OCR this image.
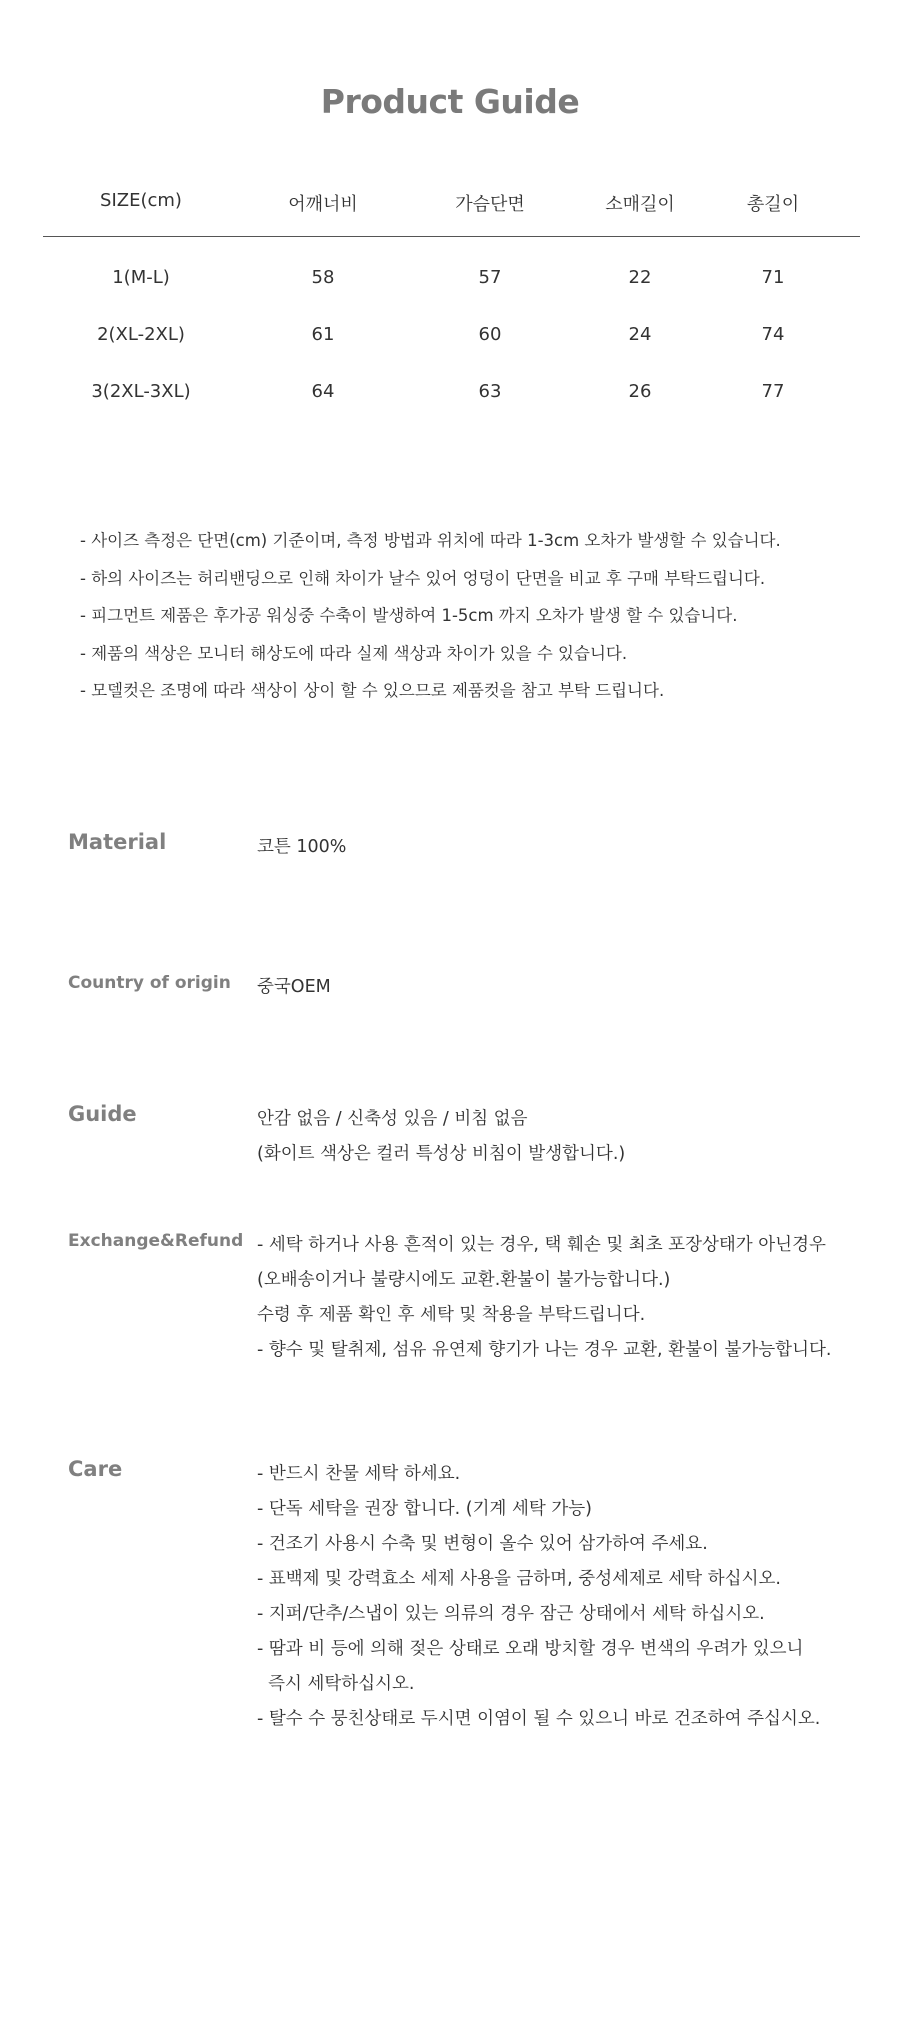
Product Guide
SIZE(cm)	어깨너비	가슴단면	소매길이	총길이
1(M-L)	58	57	22	71
2(XL-2XL)	61	60	24	74
3(2XL-3XL)	64	63	26	77
- 사이즈 측정은 단면(cm) 기준이며, 측정 방법과 위치에 따라 1-3cm 오차가 발생할 수 있습니다.
- 하의 사이즈는 허리밴딩으로 인해 차이가 날수 있어 엉덩이 단면을 비교 후 구매 부탁드립니다.
- 피그먼트 제품은 후가공 워싱중 수축이 발생하여 1-5cm 까지 오차가 발생 할 수 있습니다.
- 제품의 색상은 모니터 해상도에 따라 실제 색상과 차이가 있을 수 있습니다.
- 모델컷은 조명에 따라 색상이 상이 할 수 있으므로 제품컷을 참고 부탁 드립니다.
Material	코튼 100%
Country of origin 중국OEM
Guide	안감 없음 / 신축성 있음 / 비침 없음
(화이트 색상은 컬러 특성상 비침이 발생합니다.)
Exchange&Refund - 세탁 하거나 사용 흔적이 있는 경우, 택 훼손 및 최초 포장상태가 아닌경우
(오배송이거나 불량시에도 교환.환불이 불가능합니다.)
수령 후 제품 확인 후 세탁 및 착용을 부탁드립니다.
- 향수 및 탈취제, 섬유 유연제 향기가 나는 경우 교환, 환불이 불가능합니다.
Care	- 반드시 찬물 세탁 하세요.
- 단독 세탁을 권장 합니다. (기계 세탁 가능)
- 건조기 사용시 수축 및 변형이 올수 있어 삼가하여 주세요.
- 표백제 및 강력효소 세제 사용을 금하며, 중성세제로 세탁 하십시오.
- 지퍼/단추/스냅이 있는 의류의 경우 잠근 상태에서 세탁 하십시오.
- 땀과 비 등에 의해 젖은 상태로 오래 방치할 경우 변색의 우려가 있으니
즉시 세탁하십시오.
- 탈수 수 뭉친상태로 두시면 이염이 될 수 있으니 바로 건조하여 주십시오.
